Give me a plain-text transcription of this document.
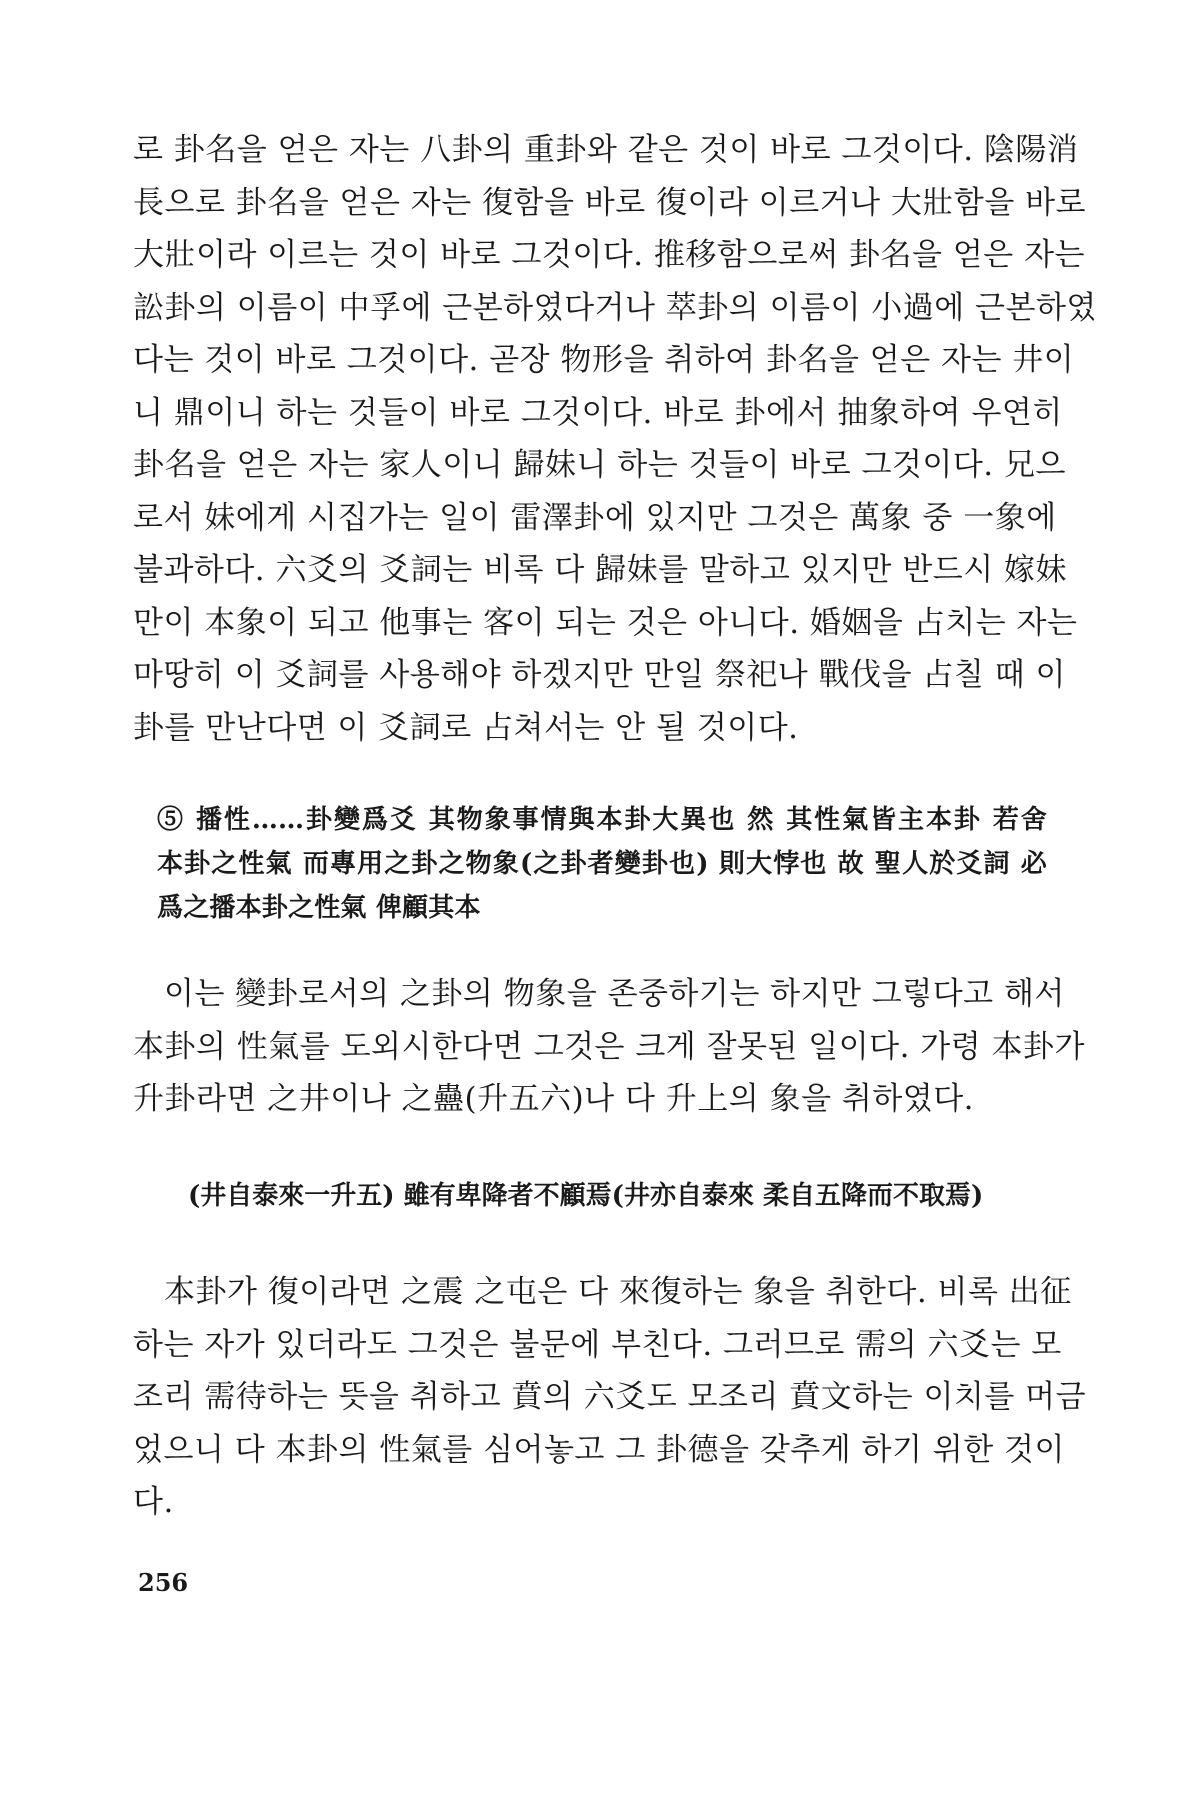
로 卦名을 얻은 자는 八卦의 重卦와 같은 것이 바로 그것이다. 陰陽消
長으로 卦名을 얻은 자는 復함을 바로 復이라 이르거나 大壯함을 바로
大壯이라 이르는 것이 바로 그것이다. 推移함으로써 卦名을 얻은 자는
訟卦의 이름이 中孚에 근본하였다거나 萃卦의 이름이 小過에 근본하였
다는 것이 바로 그것이다. 곧장 物形을 취하여 卦名을 얻은 자는 井이
니 鼎이니 하는 것들이 바로 그것이다. 바로 卦에서 抽象하여 우연히
卦名을 얻은 자는 家人이니 歸妹니 하는 것들이 바로 그것이다. 兄으
로서 妹에게 시집가는 일이 雷澤卦에 있지만 그것은 萬象 중 一象에
불과하다. 六爻의 爻詞는 비록 다 歸妹를 말하고 있지만 반드시 嫁妹
만이 本象이 되고 他事는 客이 되는 것은 아니다. 婚姻을 占치는 자는
마땅히 이 爻詞를 사용해야 하겠지만 만일 祭祀나 戰伐을 占칠 때 이
卦를 만난다면 이 爻詞로 占쳐서는 안 될 것이다.
⑤ 播性……卦變爲爻 其物象事情與本卦大異也 然 其性氣皆主本卦 若舍
本卦之性氣 而專用之卦之物象(之卦者變卦也) 則大悖也 故 聖人於爻詞 必
爲之播本卦之性氣 俾顧其本
이는 變卦로서의 之卦의 物象을 존중하기는 하지만 그렇다고 해서
本卦의 性氣를 도외시한다면 그것은 크게 잘못된 일이다. 가령 本卦가
升卦라면 之井이나 之蠱(升五六)나 다 升上의 象을 취하였다.
(井自泰來一升五) 雖有卑降者不顧焉(井亦自泰來 柔自五降而不取焉)
本卦가 復이라면 之震 之屯은 다 來復하는 象을 취한다. 비록 出征
하는 자가 있더라도 그것은 불문에 부친다. 그러므로 需의 六爻는 모
조리 需待하는 뜻을 취하고 賁의 六爻도 모조리 賁文하는 이치를 머금
었으니 다 本卦의 性氣를 심어놓고 그 卦德을 갖추게 하기 위한 것이
다.
256
